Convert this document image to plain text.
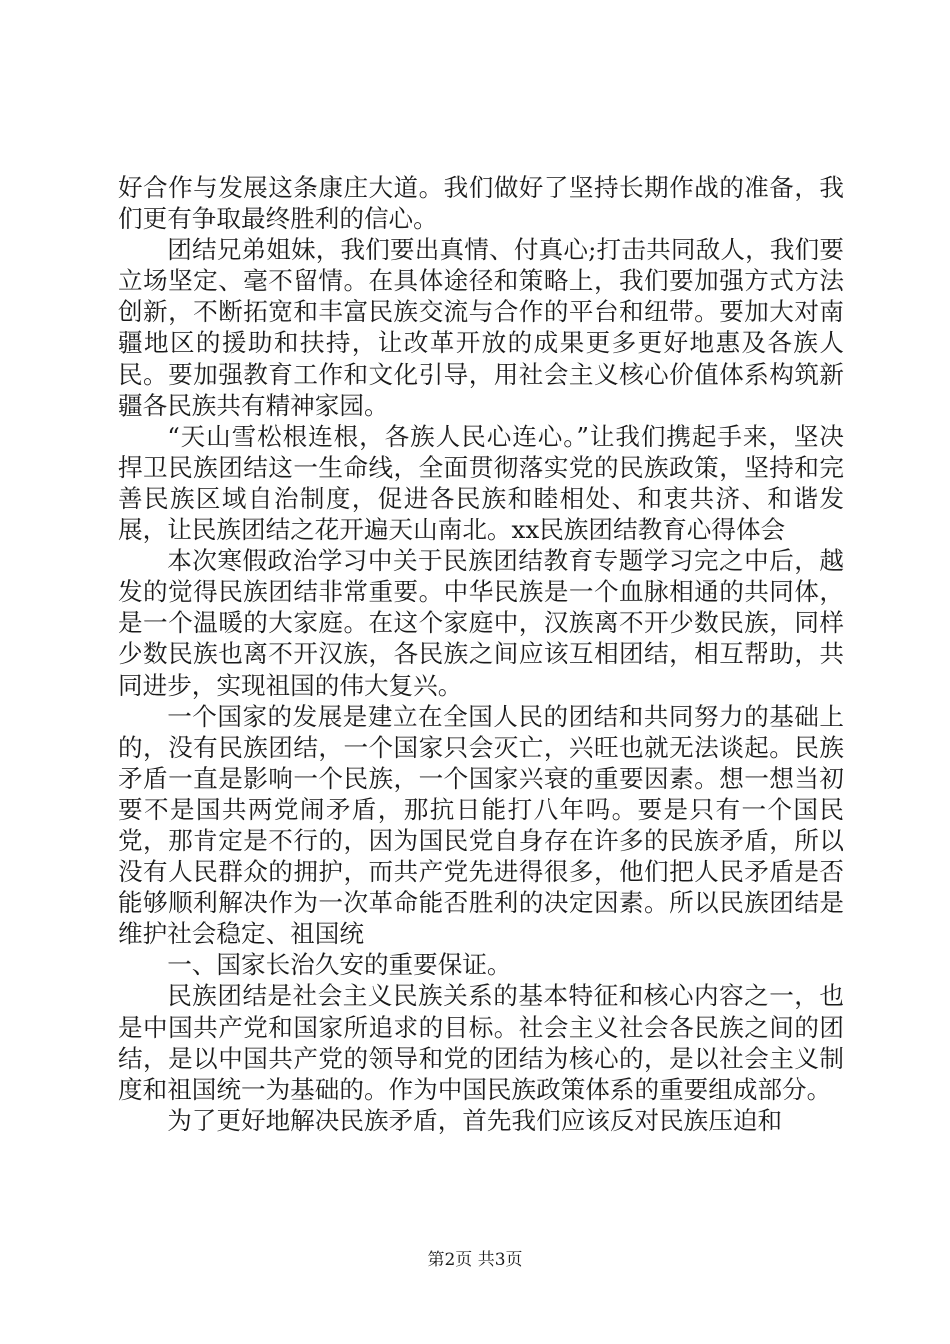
好合作与发展这条康庄大道。我们做好了坚持长期作战的准备，我们更有争取最终胜利的信心。

团结兄弟姐妹，我们要出真情、付真心;打击共同敌人，我们要立场坚定、毫不留情。在具体途径和策略上，我们要加强方式方法创新，不断拓宽和丰富民族交流与合作的平台和纽带。要加大对南疆地区的援助和扶持，让改革开放的成果更多更好地惠及各族人民。要加强教育工作和文化引导，用社会主义核心价值体系构筑新疆各民族共有精神家园。

“天山雪松根连根，各族人民心连心。”让我们携起手来，坚决捍卫民族团结这一生命线，全面贯彻落实党的民族政策，坚持和完善民族区域自治制度，促进各民族和睦相处、和衷共济、和谐发展，让民族团结之花开遍天山南北。xx民族团结教育心得体会

本次寒假政治学习中关于民族团结教育专题学习完之中后，越发的觉得民族团结非常重要。中华民族是一个血脉相通的共同体，是一个温暖的大家庭。在这个家庭中，汉族离不开少数民族，同样少数民族也离不开汉族，各民族之间应该互相团结，相互帮助，共同进步，实现祖国的伟大复兴。

一个国家的发展是建立在全国人民的团结和共同努力的基础上的，没有民族团结，一个国家只会灭亡，兴旺也就无法谈起。民族矛盾一直是影响一个民族，一个国家兴衰的重要因素。想一想当初要不是国共两党闹矛盾，那抗日能打八年吗。要是只有一个国民党，那肯定是不行的，因为国民党自身存在许多的民族矛盾，所以没有人民群众的拥护，而共产党先进得很多，他们把人民矛盾是否能够顺利解决作为一次革命能否胜利的决定因素。所以民族团结是维护社会稳定、祖国统

一、国家长治久安的重要保证。

民族团结是社会主义民族关系的基本特征和核心内容之一，也是中国共产党和国家所追求的目标。社会主义社会各民族之间的团结，是以中国共产党的领导和党的团结为核心的，是以社会主义制度和祖国统一为基础的。作为中国民族政策体系的重要组成部分。

为了更好地解决民族矛盾，首先我们应该反对民族压迫和

第2页 共3页
